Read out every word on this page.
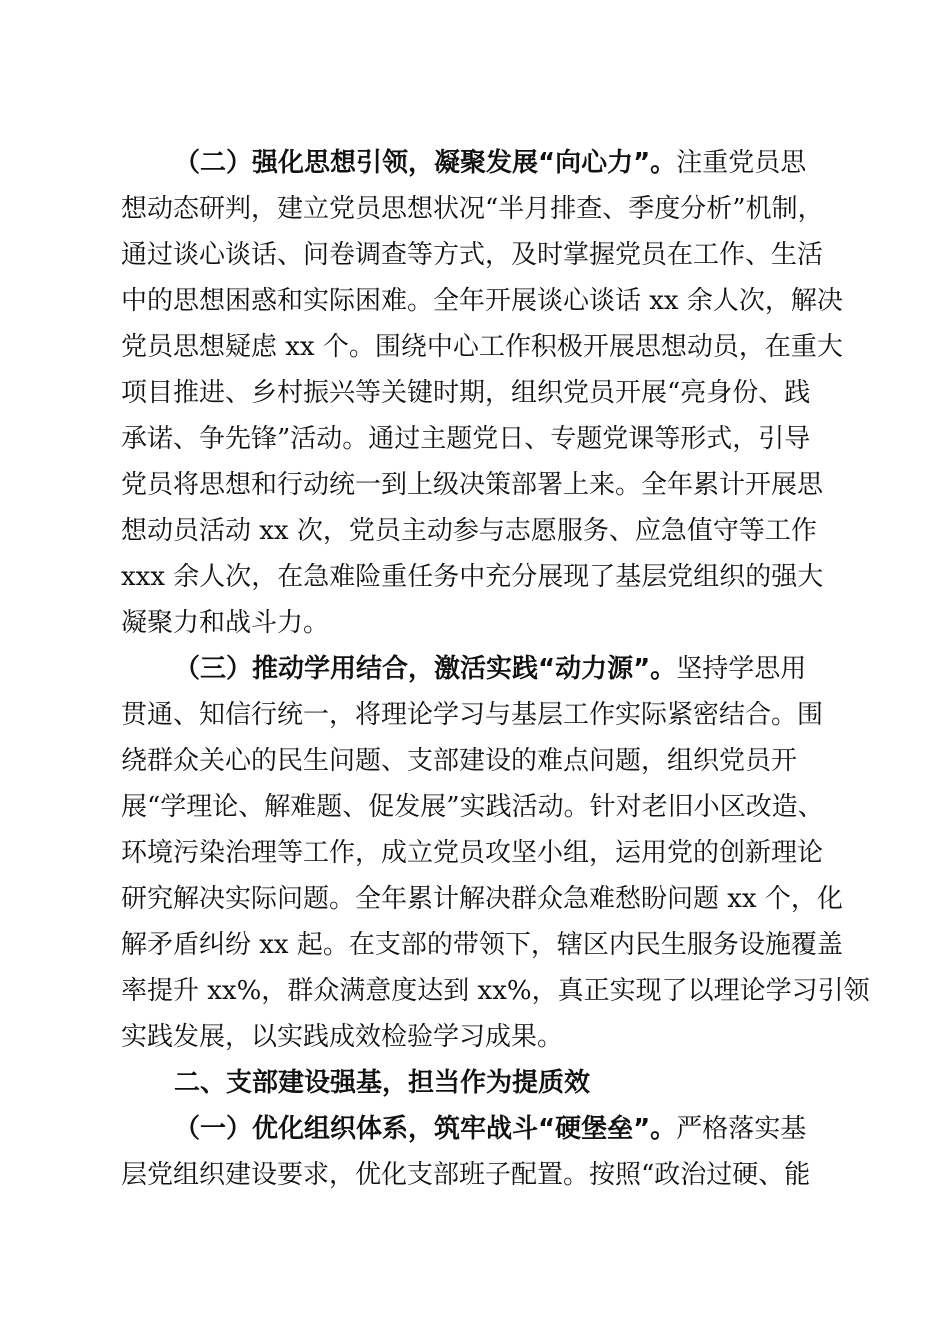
（二）强化思想引领，凝聚发展“向心力”。注重党员思
想动态研判，建立党员思想状况“半月排查、季度分析”机制，
通过谈心谈话、问卷调查等方式，及时掌握党员在工作、生活
中的思想困惑和实际困难。全年开展谈心谈话 xx 余人次，解决
党员思想疑虑 xx 个。围绕中心工作积极开展思想动员，在重大
项目推进、乡村振兴等关键时期，组织党员开展“亮身份、践
承诺、争先锋”活动。通过主题党日、专题党课等形式，引导
党员将思想和行动统一到上级决策部署上来。全年累计开展思
想动员活动 xx 次，党员主动参与志愿服务、应急值守等工作
xxx 余人次，在急难险重任务中充分展现了基层党组织的强大
凝聚力和战斗力。
（三）推动学用结合，激活实践“动力源”。坚持学思用
贯通、知信行统一，将理论学习与基层工作实际紧密结合。围
绕群众关心的民生问题、支部建设的难点问题，组织党员开
展“学理论、解难题、促发展”实践活动。针对老旧小区改造、
环境污染治理等工作，成立党员攻坚小组，运用党的创新理论
研究解决实际问题。全年累计解决群众急难愁盼问题 xx 个，化
解矛盾纠纷 xx 起。在支部的带领下，辖区内民生服务设施覆盖
率提升 xx%，群众满意度达到 xx%，真正实现了以理论学习引领
实践发展，以实践成效检验学习成果。
二、支部建设强基，担当作为提质效
（一）优化组织体系，筑牢战斗“硬堡垒”。严格落实基
层党组织建设要求，优化支部班子配置。按照“政治过硬、能
